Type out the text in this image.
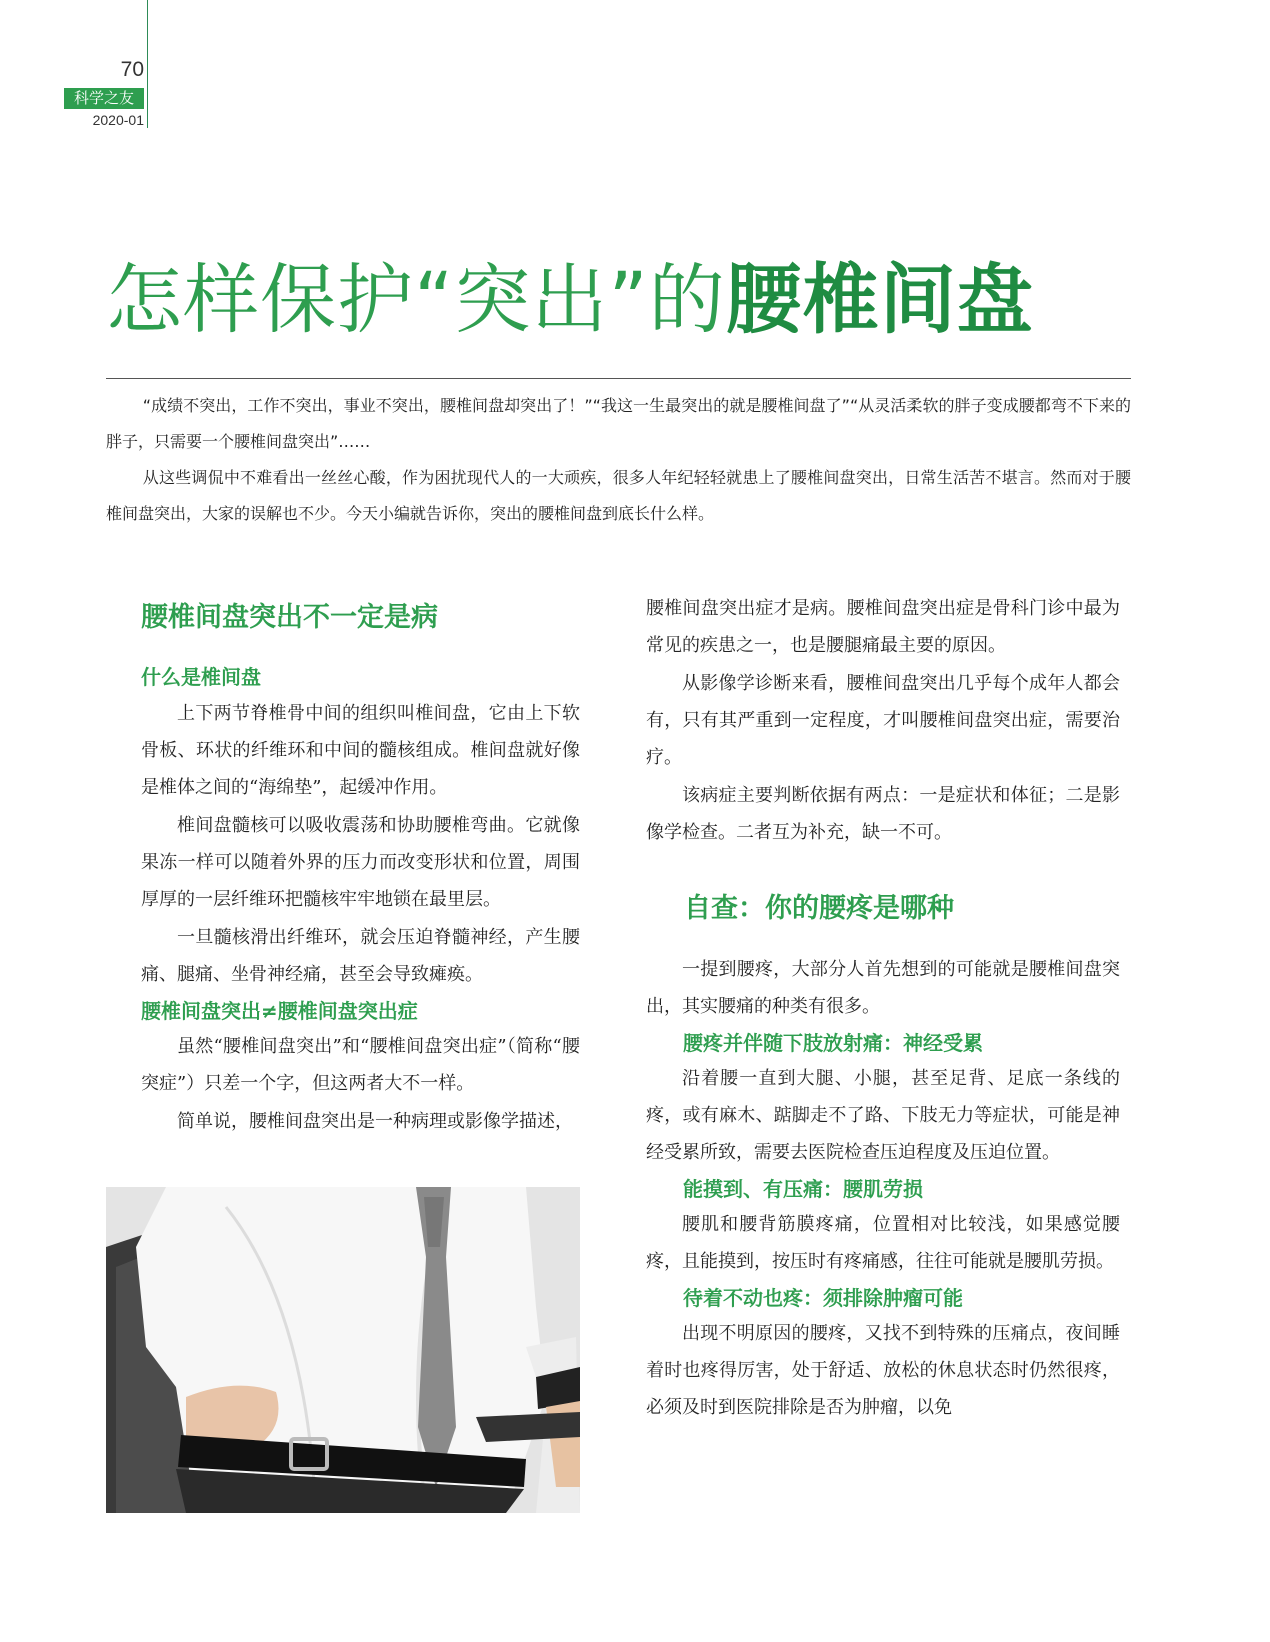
70
科学之友
2020-01
怎样保护“突出”的腰椎间盘

“成绩不突出，工作不突出，事业不突出，腰椎间盘却突出了！”“我这一生最突出的就是腰椎间盘了”“从灵活柔软的胖子变成腰都弯不下来的胖子，只需要一个腰椎间盘突出”……

从这些调侃中不难看出一丝丝心酸，作为困扰现代人的一大顽疾，很多人年纪轻轻就患上了腰椎间盘突出，日常生活苦不堪言。然而对于腰椎间盘突出，大家的误解也不少。今天小编就告诉你，突出的腰椎间盘到底长什么样。

腰椎间盘突出不一定是病
什么是椎间盘

上下两节脊椎骨中间的组织叫椎间盘，它由上下软骨板、环状的纤维环和中间的髓核组成。椎间盘就好像是椎体之间的“海绵垫”，起缓冲作用。

椎间盘髓核可以吸收震荡和协助腰椎弯曲。它就像果冻一样可以随着外界的压力而改变形状和位置，周围厚厚的一层纤维环把髓核牢牢地锁在最里层。

一旦髓核滑出纤维环，就会压迫脊髓神经，产生腰痛、腿痛、坐骨神经痛，甚至会导致瘫痪。

腰椎间盘突出≠腰椎间盘突出症

虽然“腰椎间盘突出”和“腰椎间盘突出症”（简称“腰突症”）只差一个字，但这两者大不一样。

简单说，腰椎间盘突出是一种病理或影像学描述，

腰椎间盘突出症才是病。腰椎间盘突出症是骨科门诊中最为常见的疾患之一，也是腰腿痛最主要的原因。

从影像学诊断来看，腰椎间盘突出几乎每个成年人都会有，只有其严重到一定程度，才叫腰椎间盘突出症，需要治疗。

该病症主要判断依据有两点：一是症状和体征；二是影像学检查。二者互为补充，缺一不可。

自查：你的腰疼是哪种

一提到腰疼，大部分人首先想到的可能就是腰椎间盘突出，其实腰痛的种类有很多。

腰疼并伴随下肢放射痛：神经受累

沿着腰一直到大腿、小腿，甚至足背、足底一条线的疼，或有麻木、踮脚走不了路、下肢无力等症状，可能是神经受累所致，需要去医院检查压迫程度及压迫位置。

能摸到、有压痛：腰肌劳损

腰肌和腰背筋膜疼痛，位置相对比较浅，如果感觉腰疼，且能摸到，按压时有疼痛感，往往可能就是腰肌劳损。

待着不动也疼：须排除肿瘤可能

出现不明原因的腰疼，又找不到特殊的压痛点，夜间睡着时也疼得厉害，处于舒适、放松的休息状态时仍然很疼，必须及时到医院排除是否为肿瘤，以免
